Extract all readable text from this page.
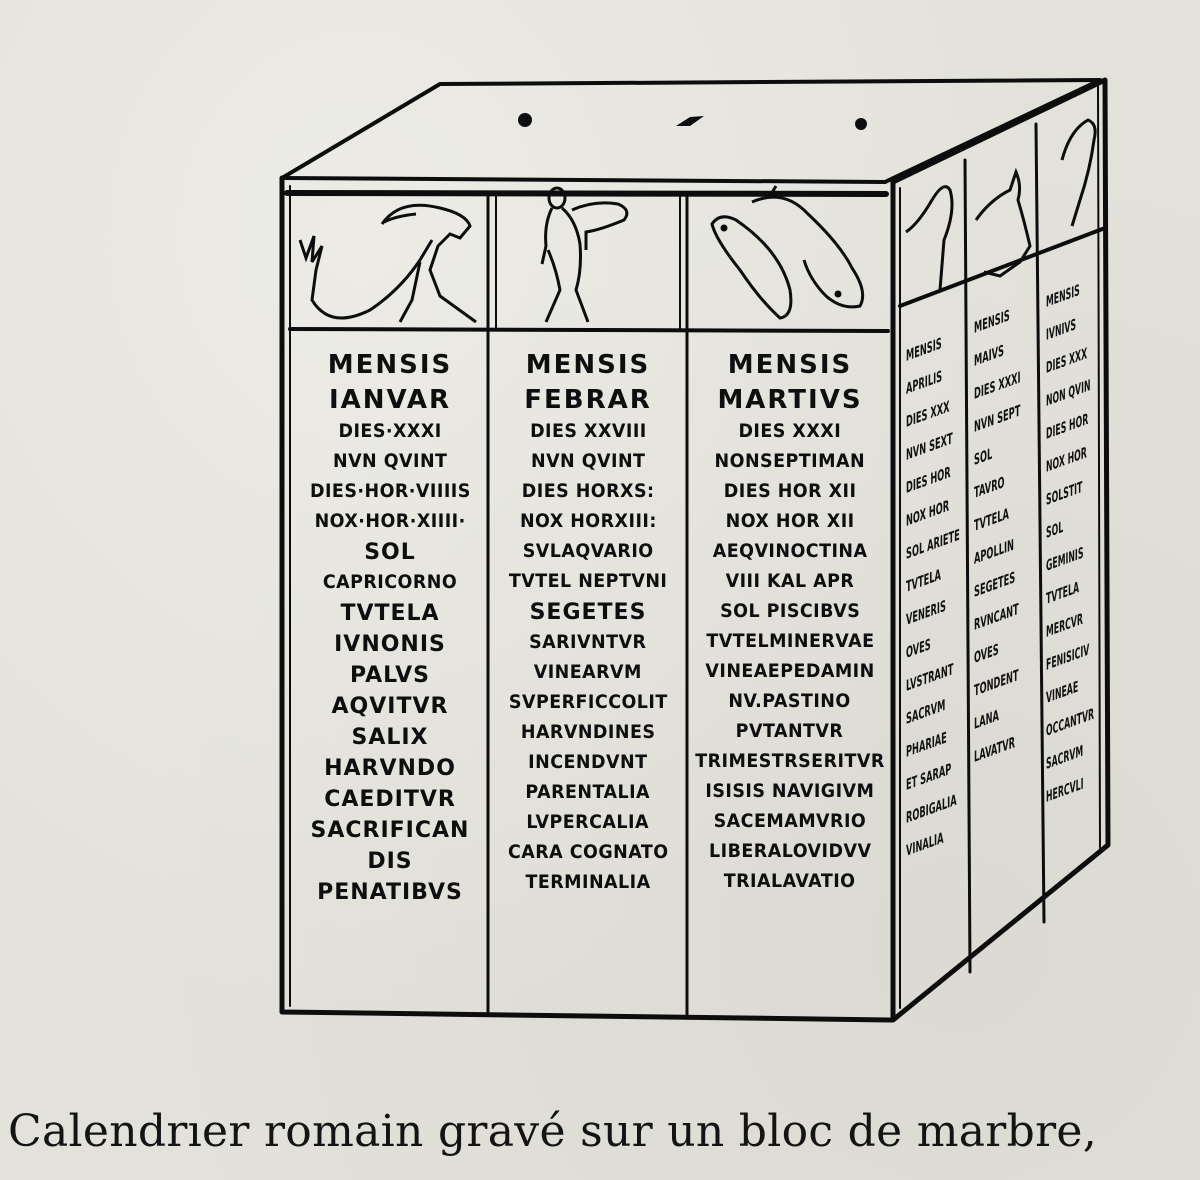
MENSIS
IANVAR
DIES·XXXI
NVN QVINT
DIES·HOR·VIIIIS
NOX·HOR·XIIII·
SOL
CAPRICORNO
TVTELA
IVNONIS
PALVS
AQVITVR
SALIX
HARVNDO
CAEDITVR
SACRIFICAN
DIS
PENATIBVS
MENSIS
FEBRAR
DIES XXVIII
NVN QVINT
DIES HORXS:
NOX HORXIII:
SVLAQVARIO
TVTEL NEPTVNI
SEGETES
SARIVNTVR
VINEARVM
SVPERFICCOLIT
HARVNDINES
INCENDVNT
PARENTALIA
LVPERCALIA
CARA COGNATO
TERMINALIA
MENSIS
MARTIVS
DIES XXXI
NONSEPTIMAN
DIES HOR XII
NOX HOR XII
AEQVINOCTINA
VIII KAL APR
SOL PISCIBVS
TVTELMINERVAE
VINEAEPEDAMIN
NV.PASTINO
PVTANTVR
TRIMESTRSERITVR
ISISIS NAVIGIVM
SACEMAMVRIO
LIBERALOVIDVV
TRIALAVATIO
MENSIS
APRILIS
DIES XXX
NVN SEXT
DIES HOR
NOX HOR
SOL ARIETE
TVTELA
VENERIS
OVES
LVSTRANT
SACRVM
PHARIAE
ET SARAP
ROBIGALIA
VINALIA
MENSIS
MAIVS
DIES XXXI
NVN SEPT
SOL
TAVRO
TVTELA
APOLLIN
SEGETES
RVNCANT
OVES
TONDENT
LANA
LAVATVR
MENSIS
IVNIVS
DIES XXX
NON QVIN
DIES HOR
NOX HOR
SOLSTIT
SOL
GEMINIS
TVTELA
MERCVR
FENISICIV
VINEAE
OCCANTVR
SACRVM
HERCVLI
Calendrıer romain gravé sur un bloc de marbre,
